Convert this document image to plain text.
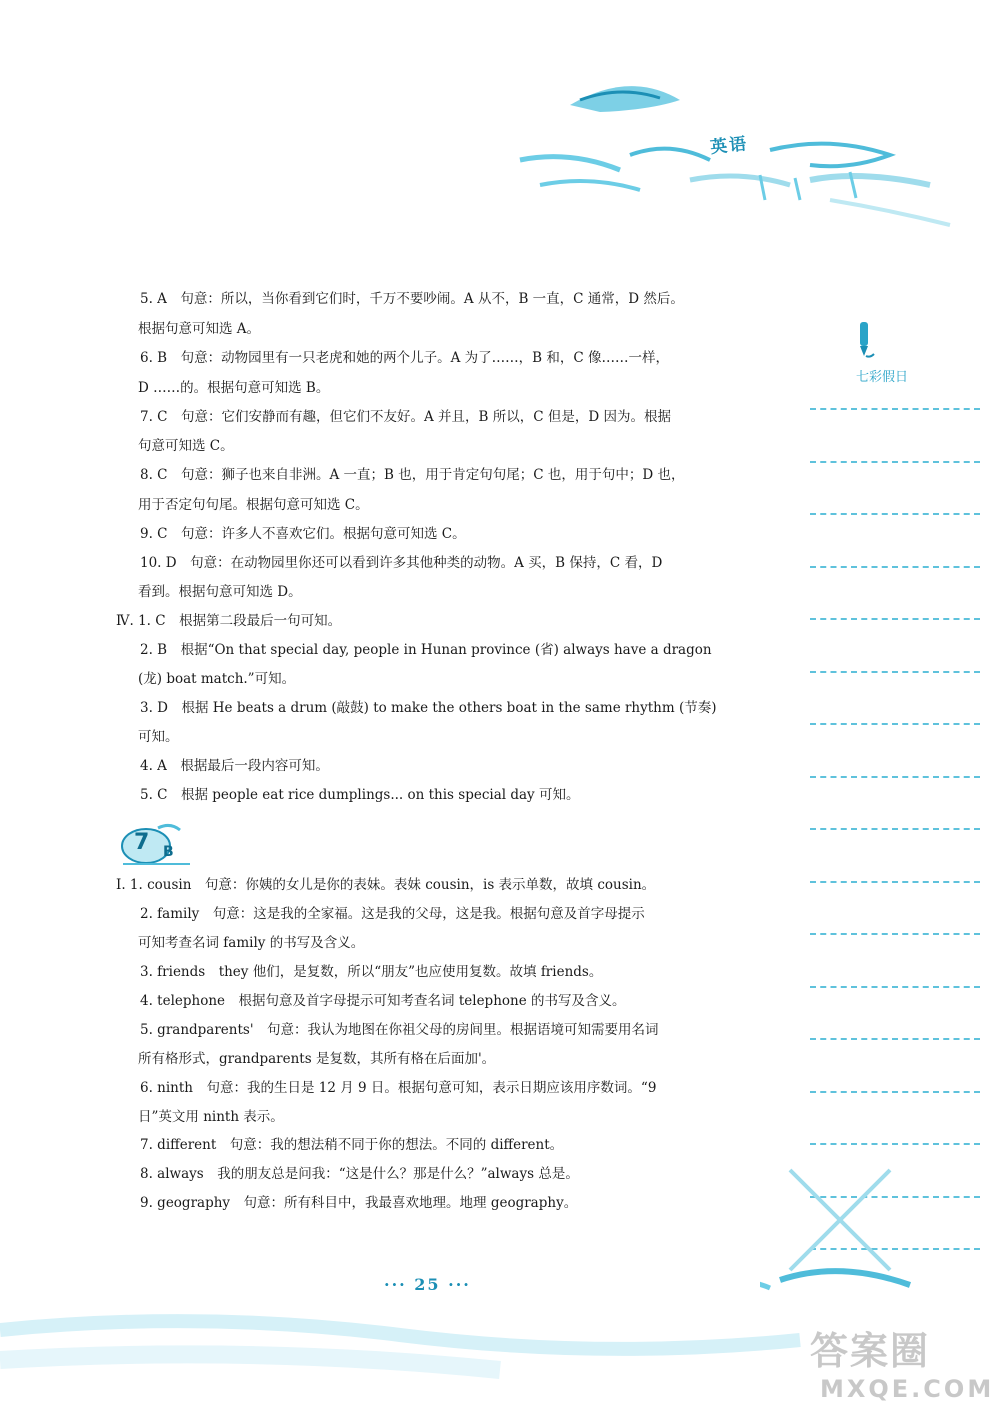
英语
七彩假日
5. A　句意：所以，当你看到它们时，千万不要吵闹。A 从不，B 一直，C 通常，D 然后。
根据句意可知选 A。
6. B　句意：动物园里有一只老虎和她的两个儿子。A 为了……，B 和，C 像……一样，
D ……的。根据句意可知选 B。
7. C　句意：它们安静而有趣，但它们不友好。A 并且，B 所以，C 但是，D 因为。根据
句意可知选 C。
8. C　句意：狮子也来自非洲。A 一直；B 也，用于肯定句句尾；C 也，用于句中；D 也，
用于否定句句尾。根据句意可知选 C。
9. C　句意：许多人不喜欢它们。根据句意可知选 C。
10. D　句意：在动物园里你还可以看到许多其他种类的动物。A 买，B 保持，C 看，D
看到。根据句意可知选 D。
Ⅳ. 1. C　根据第二段最后一句可知。
2. B　根据“On that special day, people in Hunan province (省) always have a dragon
(龙) boat match.”可知。
3. D　根据 He beats a drum (敲鼓) to make the others boat in the same rhythm (节奏)
可知。
4. A　根据最后一段内容可知。
5. C　根据 people eat rice dumplings... on this special day 可知。
Ⅰ. 1. cousin　句意：你姨的女儿是你的表妹。表妹 cousin，is 表示单数，故填 cousin。
2. family　句意：这是我的全家福。这是我的父母，这是我。根据句意及首字母提示
可知考查名词 family 的书写及含义。
3. friends　they 他们，是复数，所以“朋友”也应使用复数。故填 friends。
4. telephone　根据句意及首字母提示可知考查名词 telephone 的书写及含义。
5. grandparents'　句意：我认为地图在你祖父母的房间里。根据语境可知需要用名词
所有格形式，grandparents 是复数，其所有格在后面加'。
6. ninth　句意：我的生日是 12 月 9 日。根据句意可知，表示日期应该用序数词。“9
日”英文用 ninth 表示。
7. different　句意：我的想法稍不同于你的想法。不同的 different。
8. always　我的朋友总是问我：“这是什么？那是什么？”always 总是。
9. geography　句意：所有科目中，我最喜欢地理。地理 geography。
7 B
··· 25 ···
答案圈
MXQE.COM
